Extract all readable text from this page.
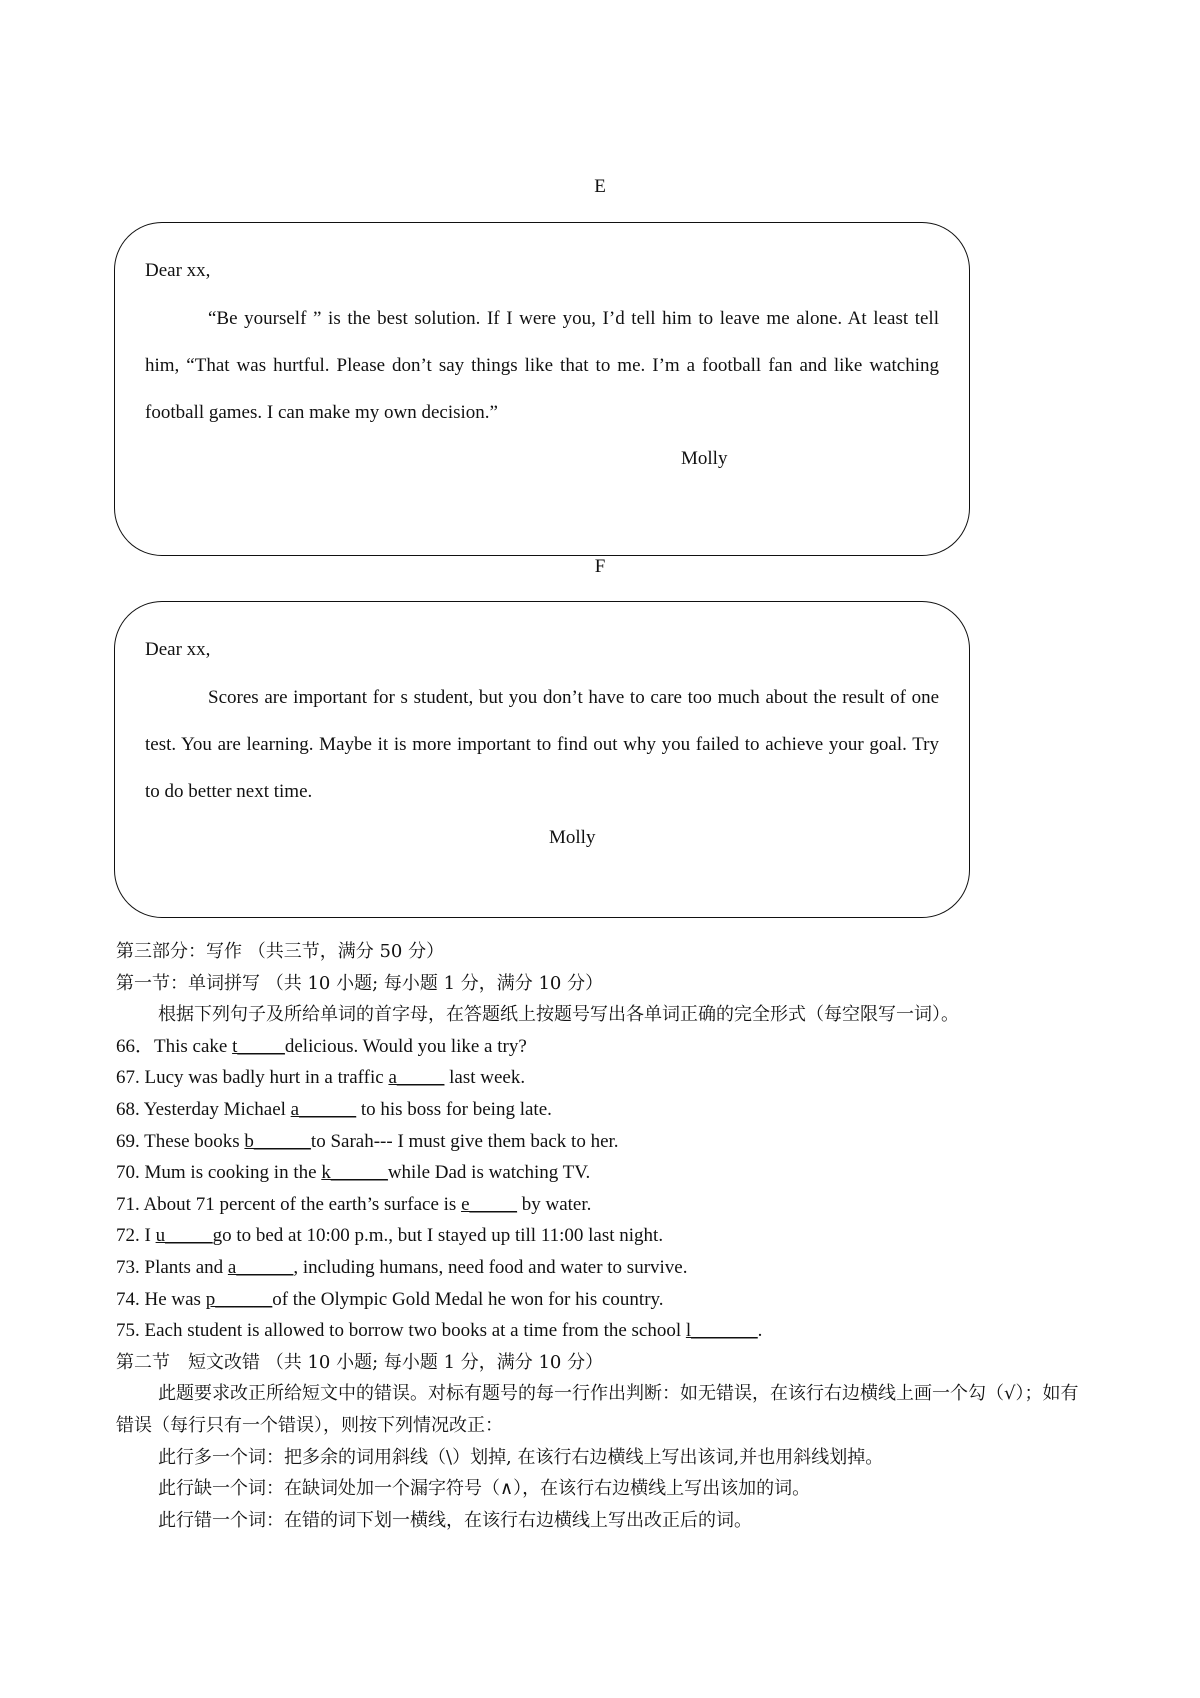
E
Dear xx,
“Be yourself ” is the best solution. If I were you, I’d tell him to leave me alone. At least tell him, “That was hurtful. Please don’t say things like that to me. I’m a football fan and like watching football games. I can make my own decision.”
Molly
F
Dear xx,
Scores are important for s student, but you don’t have to care too much about the result of one test. You are learning. Maybe it is more important to find out why you failed to achieve your goal. Try to do better next time.
Molly

第三部分：写作 （共三节，满分 50 分）

第一节：单词拼写 （共 10 小题; 每小题 1 分，满分 10 分）

根据下列句子及所给单词的首字母，在答题纸上按题号写出各单词正确的完全形式（每空限写一词）。

66．This cake t_____delicious. Would you like a try?
67. Lucy was badly hurt in a traffic a_____ last week.
68. Yesterday Michael a______ to his boss for being late.
69. These books b______to Sarah--- I must give them back to her.
70. Mum is cooking in the k______while Dad is watching TV.
71. About 71 percent of the earth’s surface is e_____ by water.
72. I u_____go to bed at 10:00 p.m., but I stayed up till 11:00 last night.
73. Plants and a______, including humans, need food and water to survive.
74. He was p______of the Olympic Gold Medal he won for his country.
75. Each student is allowed to borrow two books at a time from the school l_______.

第二节　短文改错 （共 10 小题; 每小题 1 分，满分 10 分）

此题要求改正所给短文中的错误。对标有题号的每一行作出判断：如无错误，在该行右边横线上画一个勾（√）；如有错误（每行只有一个错误），则按下列情况改正：

此行多一个词：把多余的词用斜线（\）划掉, 在该行右边横线上写出该词,并也用斜线划掉。

此行缺一个词：在缺词处加一个漏字符号（∧），在该行右边横线上写出该加的词。

此行错一个词：在错的词下划一横线，在该行右边横线上写出改正后的词。
